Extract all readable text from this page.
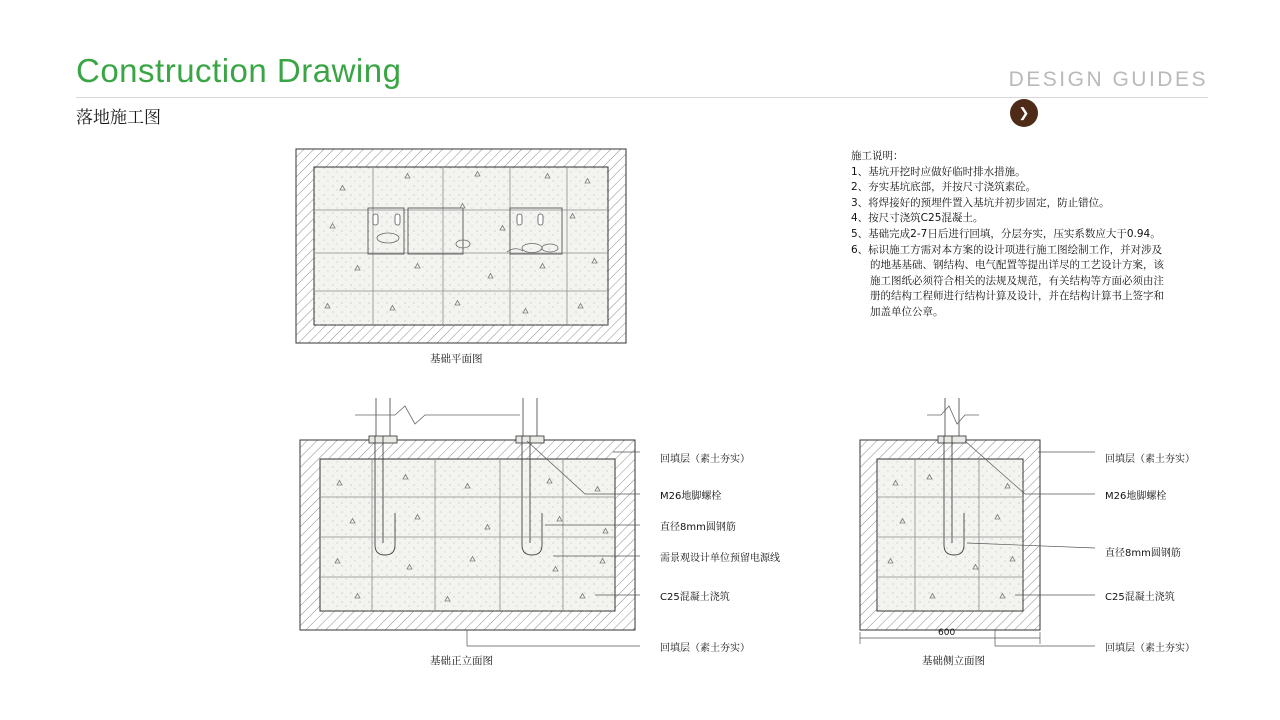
Construction Drawing	DESIGN GUIDES
落地施工图	❯
施工说明：
1、基坑开挖时应做好临时排水措施。
2、夯实基坑底部，并按尺寸浇筑素砼。
3、将焊接好的预埋件置入基坑并初步固定，防止错位。
4、按尺寸浇筑C25混凝土。
5、基础完成2-7日后进行回填，分层夯实，压实系数应大于0.94。
6、标识施工方需对本方案的设计项进行施工图绘制工作，并对涉及
的地基基础、钢结构、电气配置等提出详尽的工艺设计方案，该
施工图纸必须符合相关的法规及规范，有关结构等方面必须由注
册的结构工程师进行结构计算及设计，并在结构计算书上签字和
加盖单位公章。
基础平面图
回填层（素土夯实）
M26地脚螺栓
直径8mm圆钢筋
需景观设计单位预留电源线
C25混凝土浇筑
回填层（素土夯实）
基础正立面图
回填层（素土夯实）
M26地脚螺栓
直径8mm圆钢筋
C25混凝土浇筑
回填层（素土夯实）
600
基础侧立面图
